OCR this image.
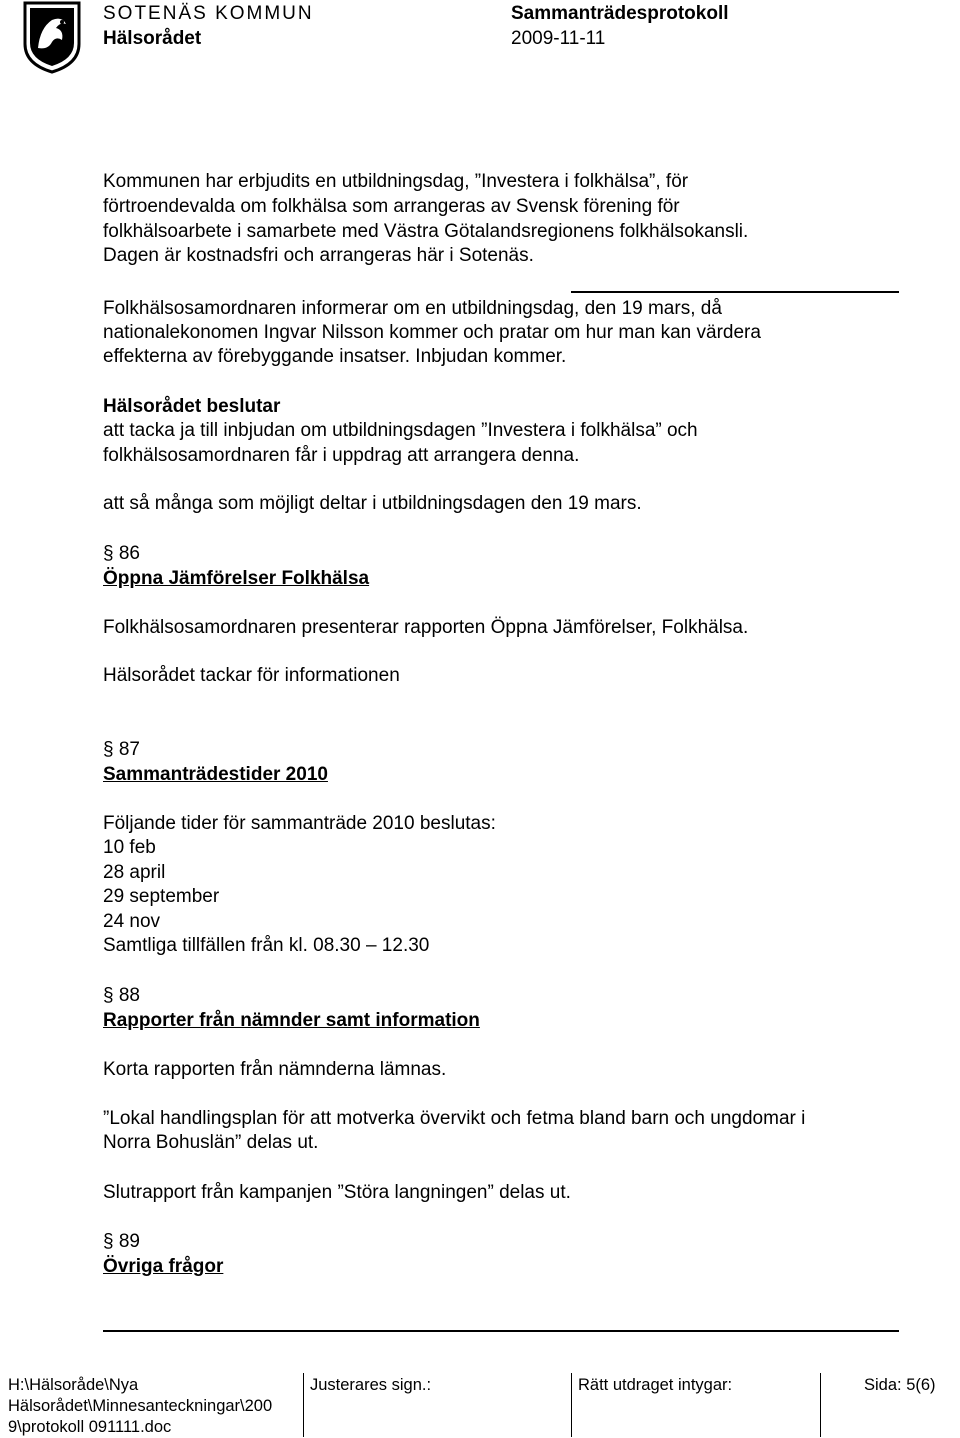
SOTENÄS KOMMUN
Hälsorådet
Sammanträdesprotokoll
2009-11-11
Kommunen har erbjudits en utbildningsdag, ”Investera i folkhälsa”, för
förtroendevalda om folkhälsa som arrangeras av Svensk förening för
folkhälsoarbete i samarbete med Västra Götalandsregionens folkhälsokansli.
Dagen är kostnadsfri och arrangeras här i Sotenäs.
Folkhälsosamordnaren informerar om en utbildningsdag, den 19 mars, då
nationalekonomen Ingvar Nilsson kommer och pratar om hur man kan värdera
effekterna av förebyggande insatser. Inbjudan kommer.
Hälsorådet beslutar
att tacka ja till inbjudan om utbildningsdagen ”Investera i folkhälsa” och
folkhälsosamordnaren får i uppdrag att arrangera denna.
att så många som möjligt deltar i utbildningsdagen den 19 mars.
§ 86
Öppna Jämförelser Folkhälsa
Folkhälsosamordnaren presenterar rapporten Öppna Jämförelser, Folkhälsa.
Hälsorådet tackar för informationen
§ 87
Sammanträdestider 2010
Följande tider för sammanträde 2010 beslutas:
10 feb
28 april
29 september
24 nov
Samtliga tillfällen från kl. 08.30 – 12.30
§ 88
Rapporter från nämnder samt information
Korta rapporten från nämnderna lämnas.
”Lokal handlingsplan för att motverka övervikt och fetma bland barn och ungdomar i
Norra Bohuslän” delas ut.
Slutrapport från kampanjen ”Störa langningen” delas ut.
§ 89
Övriga frågor
H:\Hälsoråde\Nya
Hälsorådet\Minnesanteckningar\200
9\protokoll 091111.doc
Justerares sign.:	Rätt utdraget intygar:	Sida: 5(6)
